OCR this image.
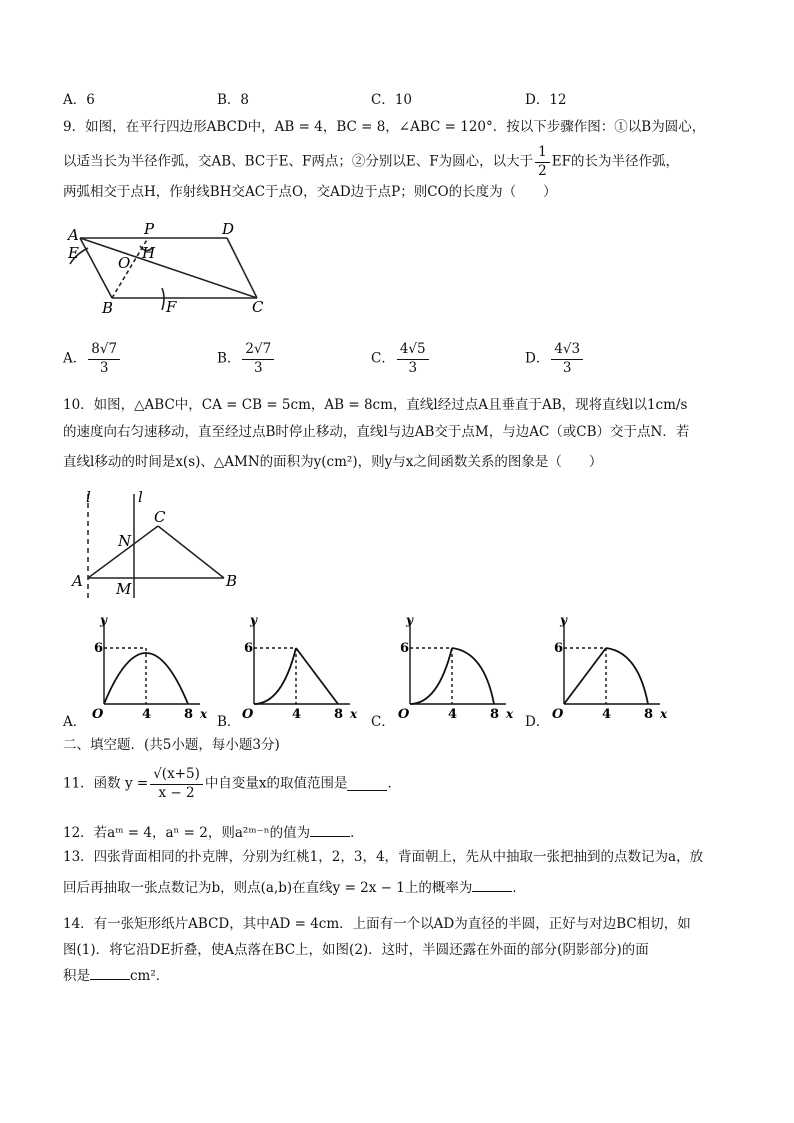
A．6	B．8	C．10	D．12
9．如图，在平行四边形ABCD中，AB = 4，BC = 8，∠ABC = 120°．按以下步骤作图：①以B为圆心，
以适当长为半径作弧，交AB、BC于E、F两点；②分别以E、F为圆心，以大于 $\frac{1}{2}$ EF的长为半径作弧，
两弧相交于点H，作射线BH交AC于点O，交AD边于点P；则CO的长度为（　　）
A
E
P	D
O
H
B	F	C
A． $\frac{8√7}{3}$	B． $\frac{2√7}{3}$	C． $\frac{4√5}{3}$	D． $\frac{4√3}{3}$
10．如图，△ABC中，CA = CB = 5cm，AB = 8cm，直线l经过点A且垂直于AB，现将直线l以1cm/s
的速度向右匀速移动，直至经过点B时停止移动，直线l与边AB交于点M，与边AC（或CB）交于点N．若
直线l移动的时间是x(s)、△AMN的面积为y(cm²)，则y与x之间函数关系的图象是（　　）
l	l
C
N
A M	B
A．
y
6
O	4	8 x B．
y
6
O	4	8 x C．
y
6
O	4	8 x D．
y
6
O	4	8 x
二、填空题．(共5小题，每小题3分)
11．函数 $y = \frac{√(x+5)}{x - 2}$ 中自变量x的取值范围是	．
12．若aᵐ = 4，aⁿ = 2，则a²ᵐ⁻ⁿ的值为	．
13．四张背面相同的扑克牌，分别为红桃1，2，3，4，背面朝上，先从中抽取一张把抽到的点数记为a，放
回后再抽取一张点数记为b，则点(a,b)在直线y = 2x − 1上的概率为	．
14．有一张矩形纸片ABCD，其中AD = 4cm．上面有一个以AD为直径的半圆，正好与对边BC相切，如
图(1)．将它沿DE折叠，使A点落在BC上，如图(2)．这时，半圆还露在外面的部分(阴影部分)的面
积是	cm²．
